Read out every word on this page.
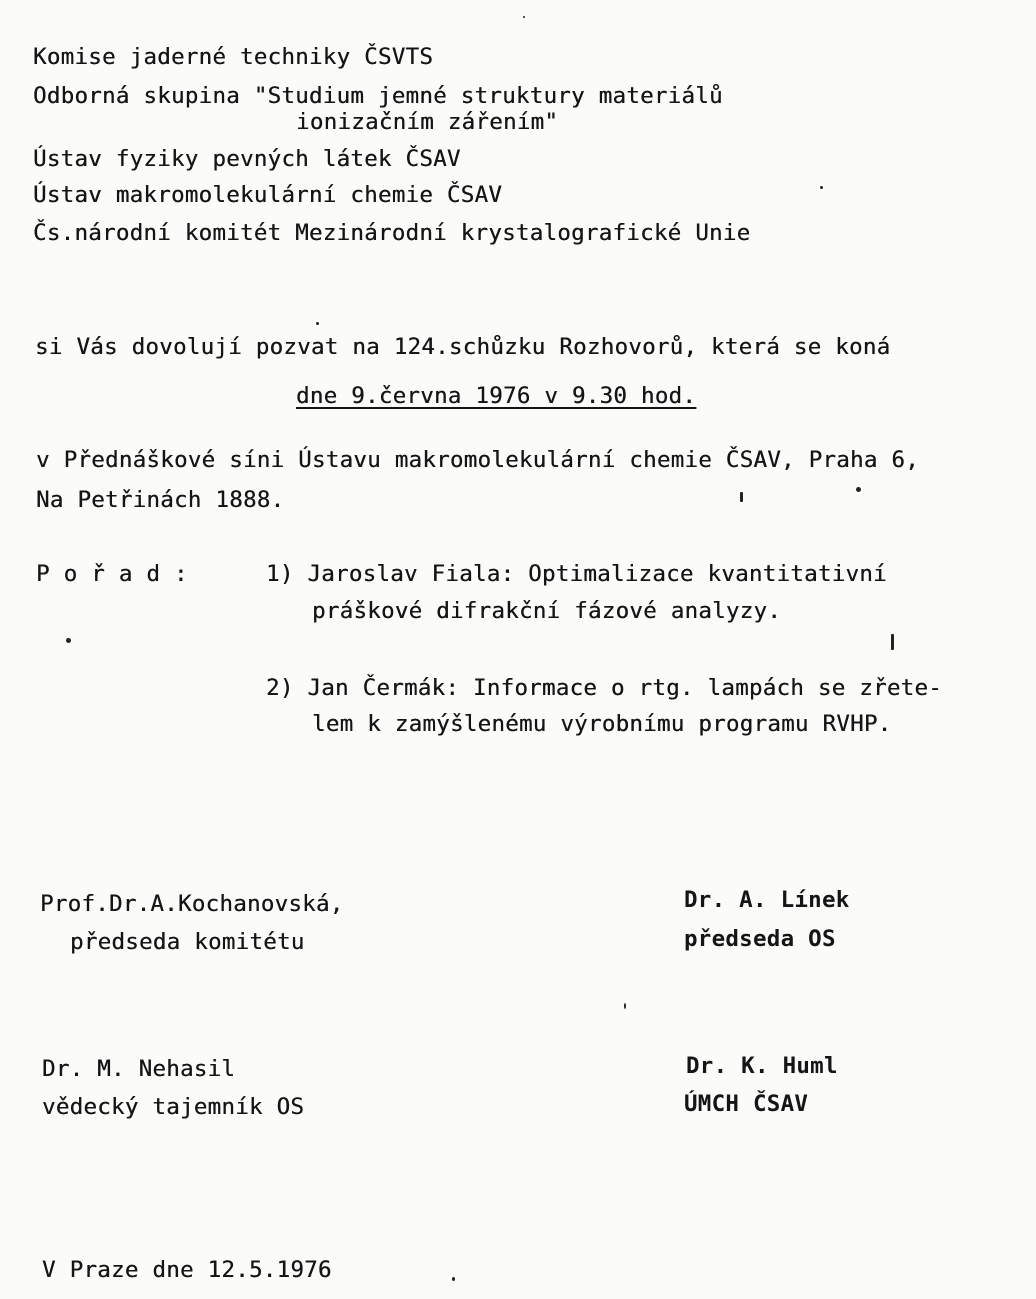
Komise jaderné techniky ČSVTS
Odborná skupina "Studium jemné struktury materiálů
ionizačním zářením"
Ústav fyziky pevných látek ČSAV
Ústav makromolekulární chemie ČSAV
Čs.národní komitét Mezinárodní krystalografické Unie
si Vás dovolují pozvat na 124.schůzku Rozhovorů, která se koná
dne 9.června 1976 v 9.30 hod.
v Přednáškové síni Ústavu makromolekulární chemie ČSAV, Praha 6,
Na Petřinách 1888.
P o ř a d :	1) Jaroslav Fiala: Optimalizace kvantitativní
práškové difrakční fázové analyzy.
2) Jan Čermák: Informace o rtg. lampách se zřete-
lem k zamýšlenému výrobnímu programu RVHP.
Prof.Dr.A.Kochanovská,
předseda komitétu
Dr. A. Línek
předseda OS
Dr. M. Nehasil
vědecký tajemník OS
Dr. K. Huml
ÚMCH ČSAV
V Praze dne 12.5.1976
